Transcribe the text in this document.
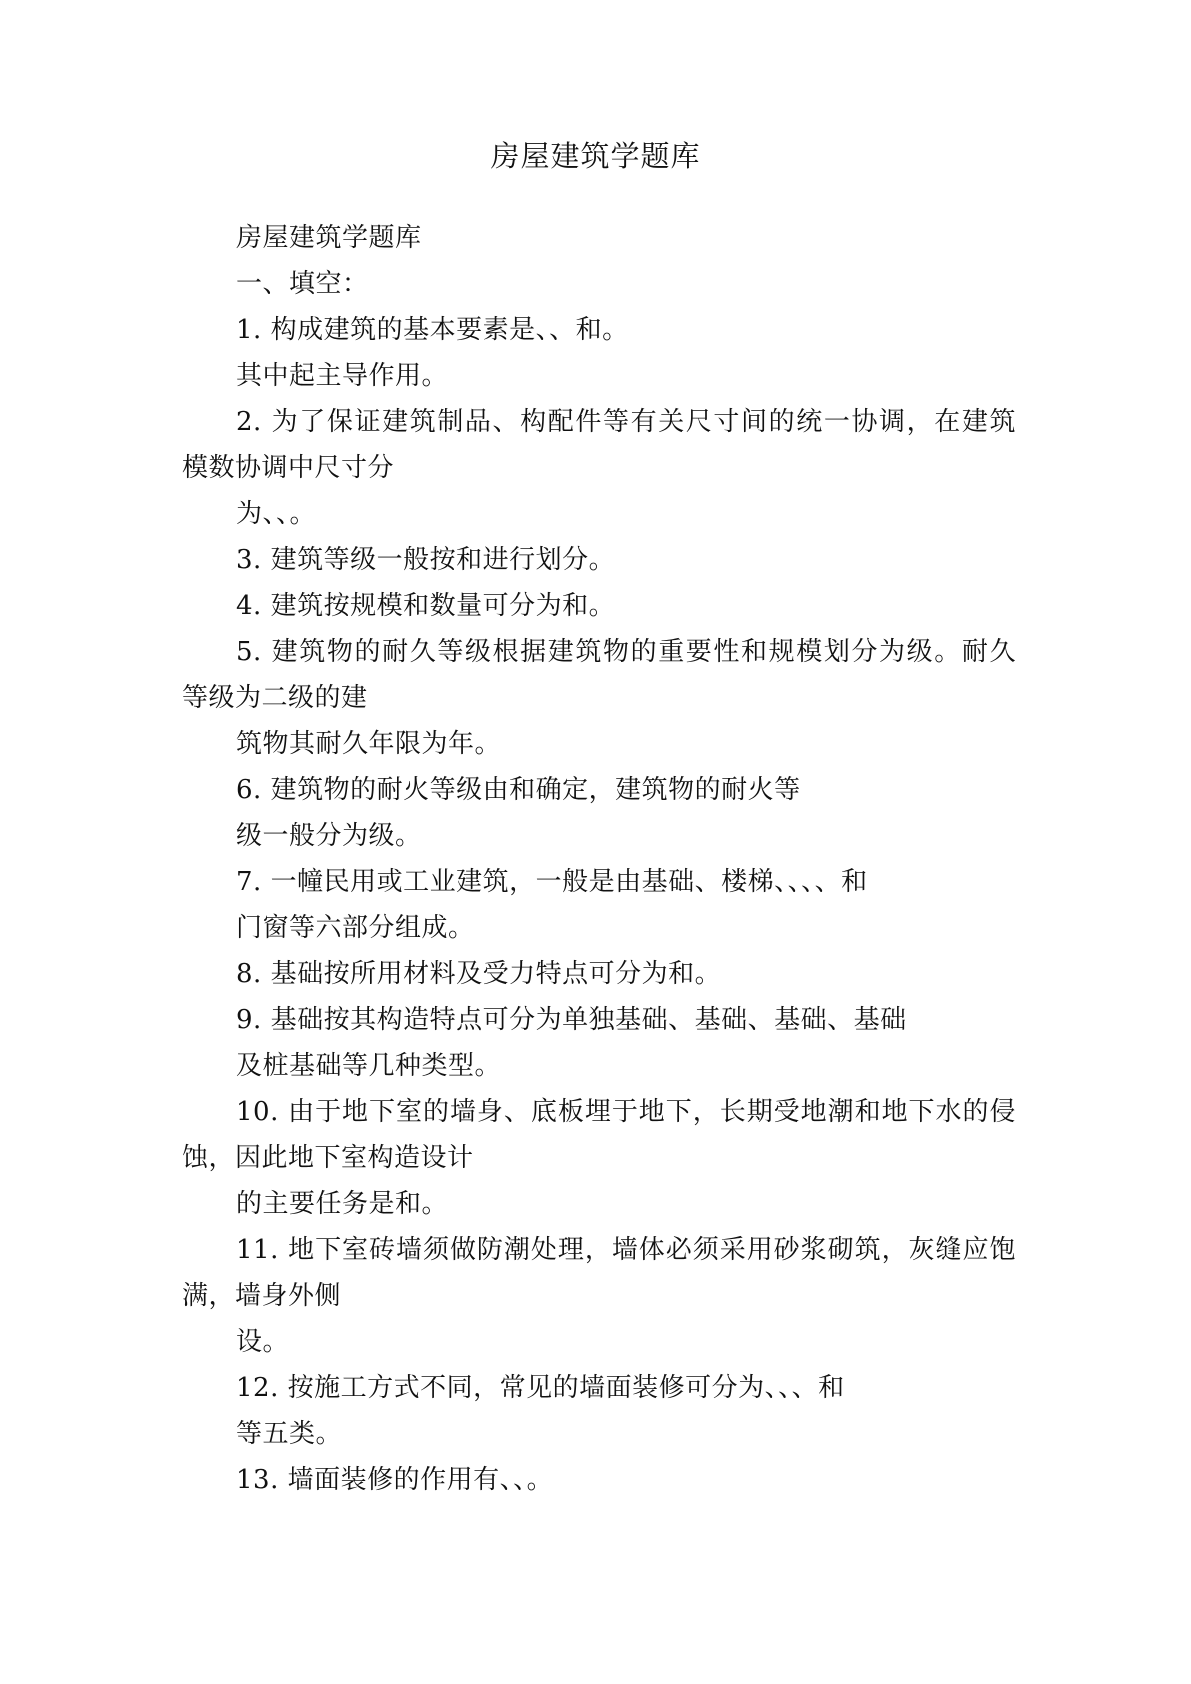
房屋建筑学题库
房屋建筑学题库
一、填空：
1. 构成建筑的基本要素是、、和。
其中起主导作用。
2. 为了保证建筑制品、构配件等有关尺寸间的统一协调，在建筑
模数协调中尺寸分
为、、。
3. 建筑等级一般按和进行划分。
4. 建筑按规模和数量可分为和。
5. 建筑物的耐久等级根据建筑物的重要性和规模划分为级。耐久
等级为二级的建
筑物其耐久年限为年。
6. 建筑物的耐火等级由和确定，建筑物的耐火等
级一般分为级。
7. 一幢民用或工业建筑，一般是由基础、楼梯、、、、和
门窗等六部分组成。
8. 基础按所用材料及受力特点可分为和。
9. 基础按其构造特点可分为单独基础、基础、基础、基础
及桩基础等几种类型。
10. 由于地下室的墙身、底板埋于地下，长期受地潮和地下水的侵
蚀，因此地下室构造设计
的主要任务是和。
11. 地下室砖墙须做防潮处理，墙体必须采用砂浆砌筑，灰缝应饱
满，墙身外侧
设。
12. 按施工方式不同，常见的墙面装修可分为、、、和
等五类。
13. 墙面装修的作用有、、。
